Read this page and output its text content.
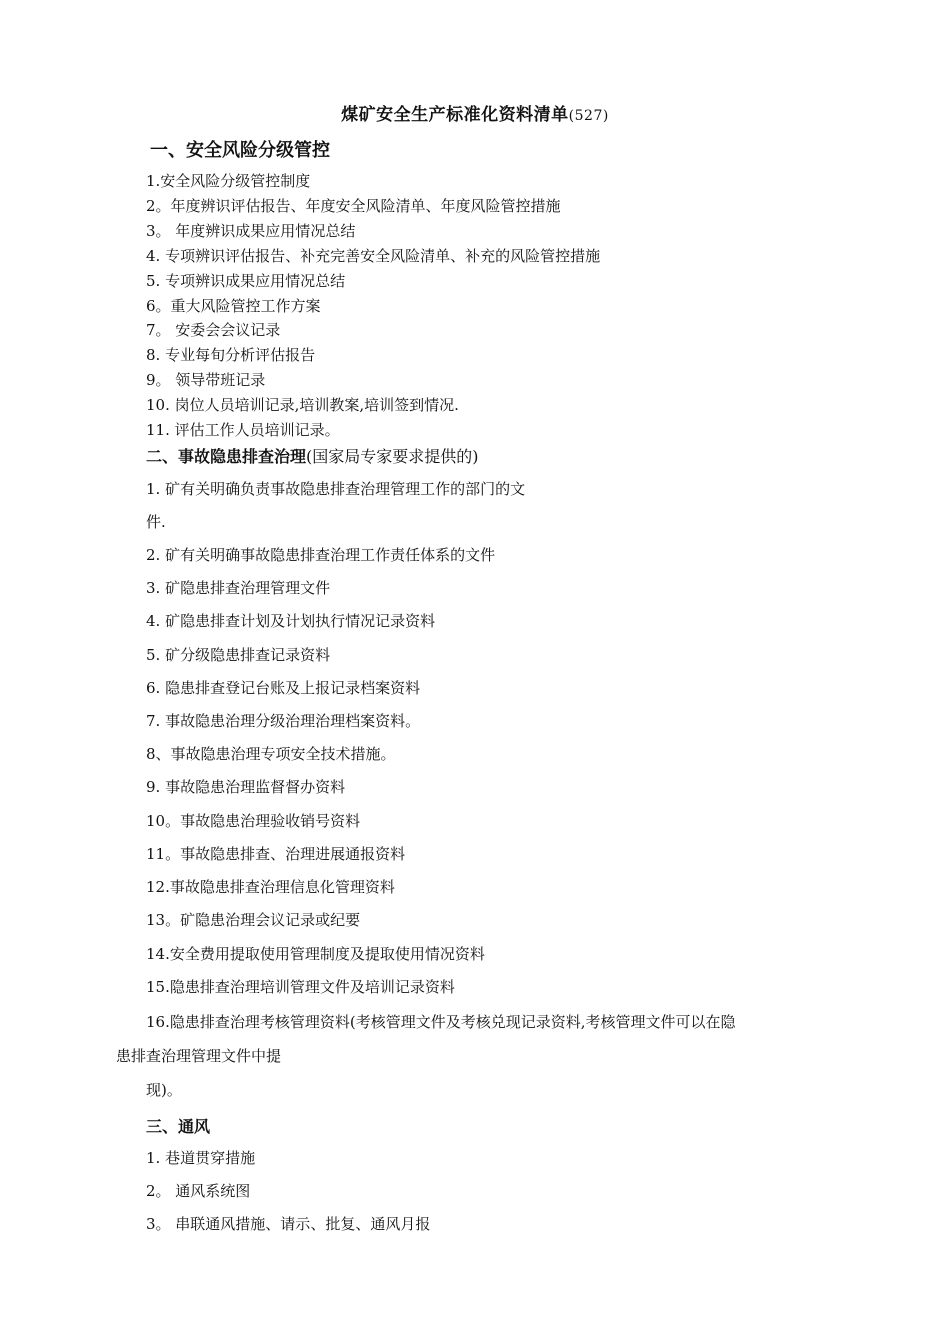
煤矿安全生产标准化资料清单(527)
一、安全风险分级管控
1.安全风险分级管控制度
2。年度辨识评估报告、年度安全风险清单、年度风险管控措施
3。 年度辨识成果应用情况总结
4. 专项辨识评估报告、补充完善安全风险清单、补充的风险管控措施
5. 专项辨识成果应用情况总结
6。重大风险管控工作方案
7。 安委会会议记录
8. 专业每旬分析评估报告
9。 领导带班记录
10. 岗位人员培训记录,培训教案,培训签到情况.
11. 评估工作人员培训记录。
二、事故隐患排查治理(国家局专家要求提供的)
1. 矿有关明确负责事故隐患排查治理管理工作的部门的文
件.
2. 矿有关明确事故隐患排查治理工作责任体系的文件
3. 矿隐患排查治理管理文件
4. 矿隐患排查计划及计划执行情况记录资料
5. 矿分级隐患排查记录资料
6. 隐患排查登记台账及上报记录档案资料
7. 事故隐患治理分级治理治理档案资料。
8、事故隐患治理专项安全技术措施。
9. 事故隐患治理监督督办资料
10。事故隐患治理验收销号资料
11。事故隐患排查、治理进展通报资料
12.事故隐患排查治理信息化管理资料
13。矿隐患治理会议记录或纪要
14.安全费用提取使用管理制度及提取使用情况资料
15.隐患排查治理培训管理文件及培训记录资料
16.隐患排查治理考核管理资料(考核管理文件及考核兑现记录资料,考核管理文件可以在隐
患排查治理管理文件中提
现)。
三、通风
1. 巷道贯穿措施
2。 通风系统图
3。 串联通风措施、请示、批复、通风月报
